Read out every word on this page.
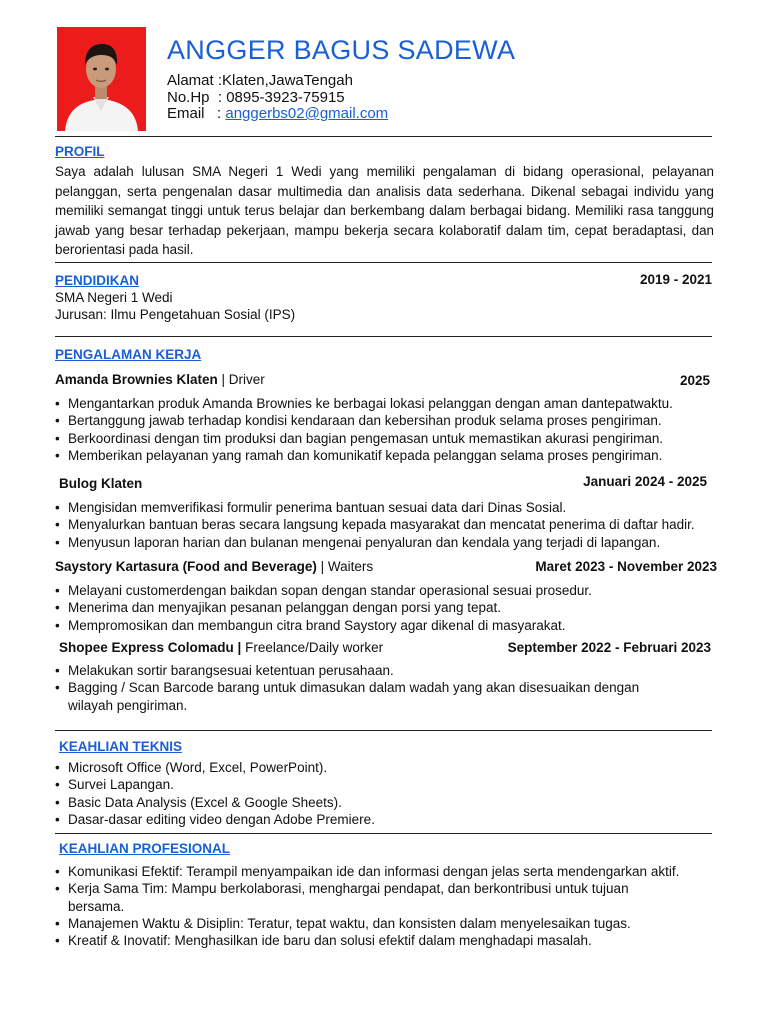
ANGGER BAGUS SADEWA
Alamat :Klaten,JawaTengah
No.Hp  : 0895-3923-75915
Email   : anggerbs02@gmail.com
PROFIL
Saya adalah lulusan SMA Negeri 1 Wedi yang memiliki pengalaman di bidang operasional, pelayanan pelanggan, serta pengenalan dasar multimedia dan analisis data sederhana. Dikenal sebagai individu yang memiliki semangat tinggi untuk terus belajar dan berkembang dalam berbagai bidang. Memiliki rasa tanggung jawab yang besar terhadap pekerjaan, mampu bekerja secara kolaboratif dalam tim, cepat beradaptasi, dan berorientasi pada hasil.
PENDIDIKAN	2019 - 2021
SMA Negeri 1 Wedi
Jurusan: Ilmu Pengetahuan Sosial (IPS)
PENGALAMAN KERJA
Amanda Brownies Klaten | Driver	2025
• Mengantarkan produk Amanda Brownies ke berbagai lokasi pelanggan dengan aman dantepatwaktu.
• Bertanggung jawab terhadap kondisi kendaraan dan kebersihan produk selama proses pengiriman.
• Berkoordinasi dengan tim produksi dan bagian pengemasan untuk memastikan akurasi pengiriman.
• Memberikan pelayanan yang ramah dan komunikatif kepada pelanggan selama proses pengiriman.
Bulog Klaten	Januari 2024 - 2025
• Mengisidan memverifikasi formulir penerima bantuan sesuai data dari Dinas Sosial.
• Menyalurkan bantuan beras secara langsung kepada masyarakat dan mencatat penerima di daftar hadir.
• Menyusun laporan harian dan bulanan mengenai penyaluran dan kendala yang terjadi di lapangan.
Saystory Kartasura (Food and Beverage) | Waiters	Maret 2023 - November 2023
• Melayani customerdengan baikdan sopan dengan standar operasional sesuai prosedur.
• Menerima dan menyajikan pesanan pelanggan dengan porsi yang tepat.
• Mempromosikan dan membangun citra brand Saystory agar dikenal di masyarakat.
Shopee Express Colomadu | Freelance/Daily worker	September 2022 - Februari 2023
• Melakukan sortir barangsesuai ketentuan perusahaan.
• Bagging / Scan Barcode barang untuk dimasukan dalam wadah yang akan disesuaikan dengan wilayah pengiriman.
KEAHLIAN TEKNIS
• Microsoft Office (Word, Excel, PowerPoint).
• Survei Lapangan.
• Basic Data Analysis (Excel & Google Sheets).
• Dasar-dasar editing video dengan Adobe Premiere.
KEAHLIAN PROFESIONAL
• Komunikasi Efektif: Terampil menyampaikan ide dan informasi dengan jelas serta mendengarkan aktif.
• Kerja Sama Tim: Mampu berkolaborasi, menghargai pendapat, dan berkontribusi untuk tujuan bersama.
• Manajemen Waktu & Disiplin: Teratur, tepat waktu, dan konsisten dalam menyelesaikan tugas.
• Kreatif & Inovatif: Menghasilkan ide baru dan solusi efektif dalam menghadapi masalah.
